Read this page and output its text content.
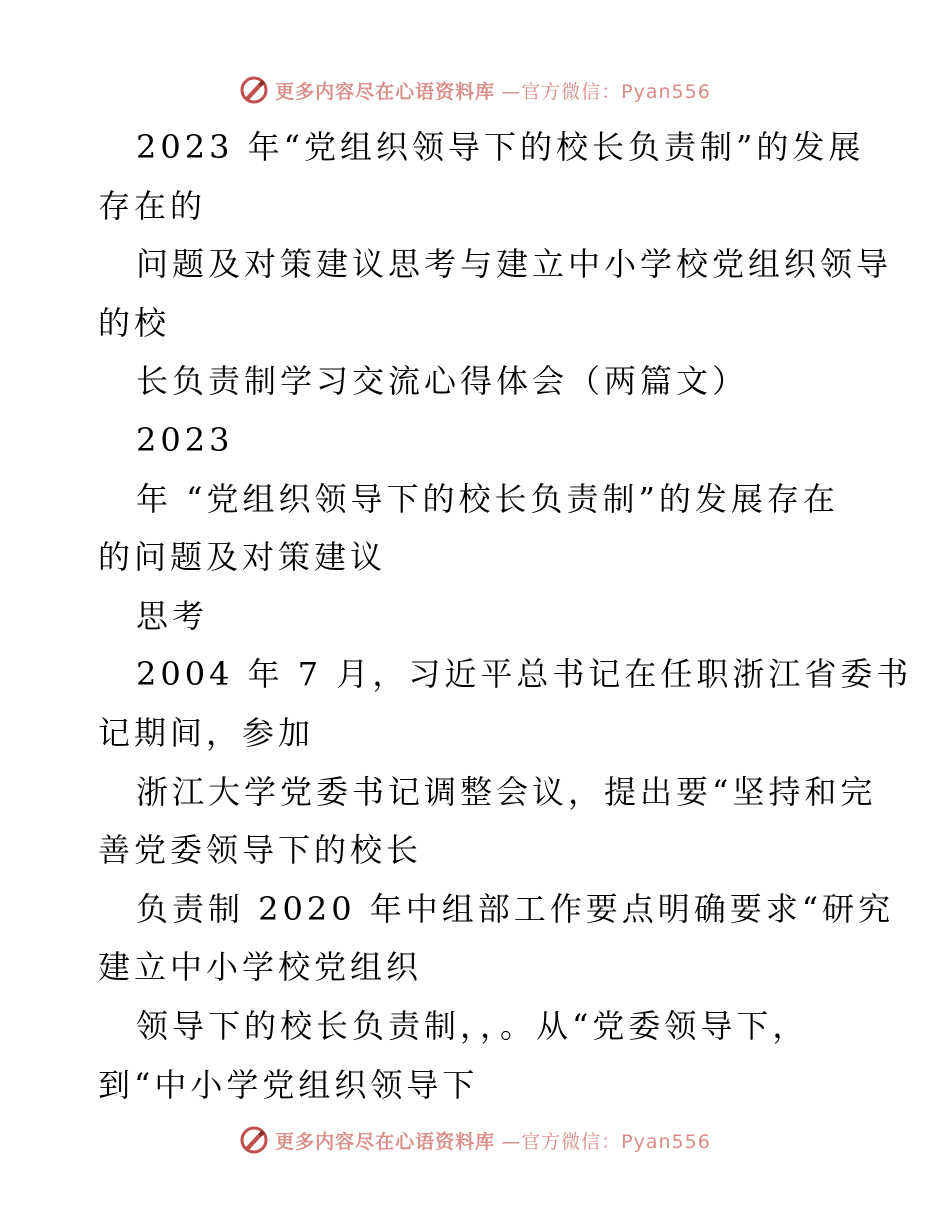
更多内容尽在心语资料库 —官方微信：Pyan556
2023 年“党组织领导下的校长负责制”的发展
存在的
问题及对策建议思考与建立中小学校党组织领导
的校
长负责制学习交流心得体会（两篇文）
2023
年 “党组织领导下的校长负责制”的发展存在
的问题及对策建议
思考
2004 年 7 月，习近平总书记在任职浙江省委书
记期间，参加
浙江大学党委书记调整会议，提出要“坚持和完
善党委领导下的校长
负责制 2020 年中组部工作要点明确要求“研究
建立中小学校党组织
领导下的校长负责制，，。从“党委领导下，
到“中小学党组织领导下
更多内容尽在心语资料库 —官方微信：Pyan556
